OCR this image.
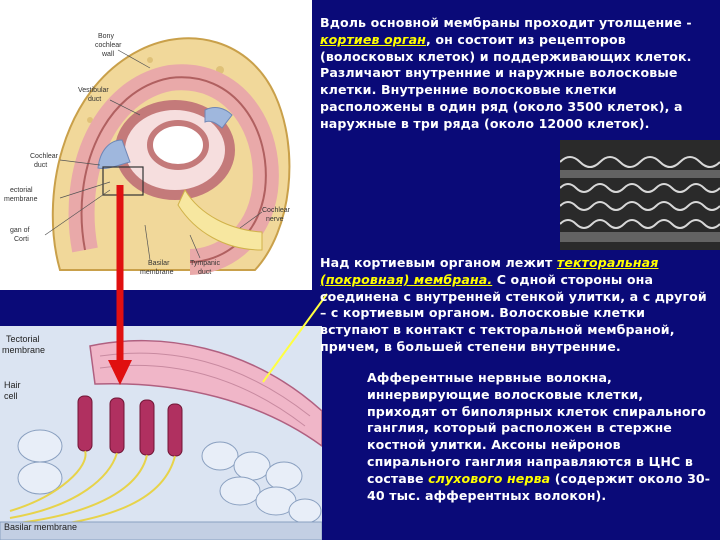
Bony
cochlear
wall
Vestibular
duct
Cochlear
duct
ectorial
membrane
gan of
Corti
Basilar
membrane
Tympanic
duct
Cochlear
nerve
Tectorial
membrane
Hair
cell
Basilar membrane
Вдоль основной мембраны проходит утолщение - кортиев орган, он состоит из рецепторов (волосковых клеток) и поддерживающих клеток. Различают внутренние и наружные волосковые клетки. Внутренние волосковые клетки расположены в один ряд (около 3500 клеток), а наружные в три ряда (около 12000 клеток).
Над кортиевым органом лежит текторальная (покровная) мембрана. С одной стороны она соединена с внутренней стенкой улитки, а с другой – с кортиевым органом. Волосковые клетки вступают в контакт с текторальной мембраной, причем, в большей степени внутренние.
Афферентные нервные волокна, иннервирующие волосковые клетки, приходят от биполярных клеток спирального ганглия, который расположен в стержне костной улитки. Аксоны нейронов спирального ганглия направляются в ЦНС в составе слухового нерва (содержит около 30-40 тыс. афферентных волокон).
